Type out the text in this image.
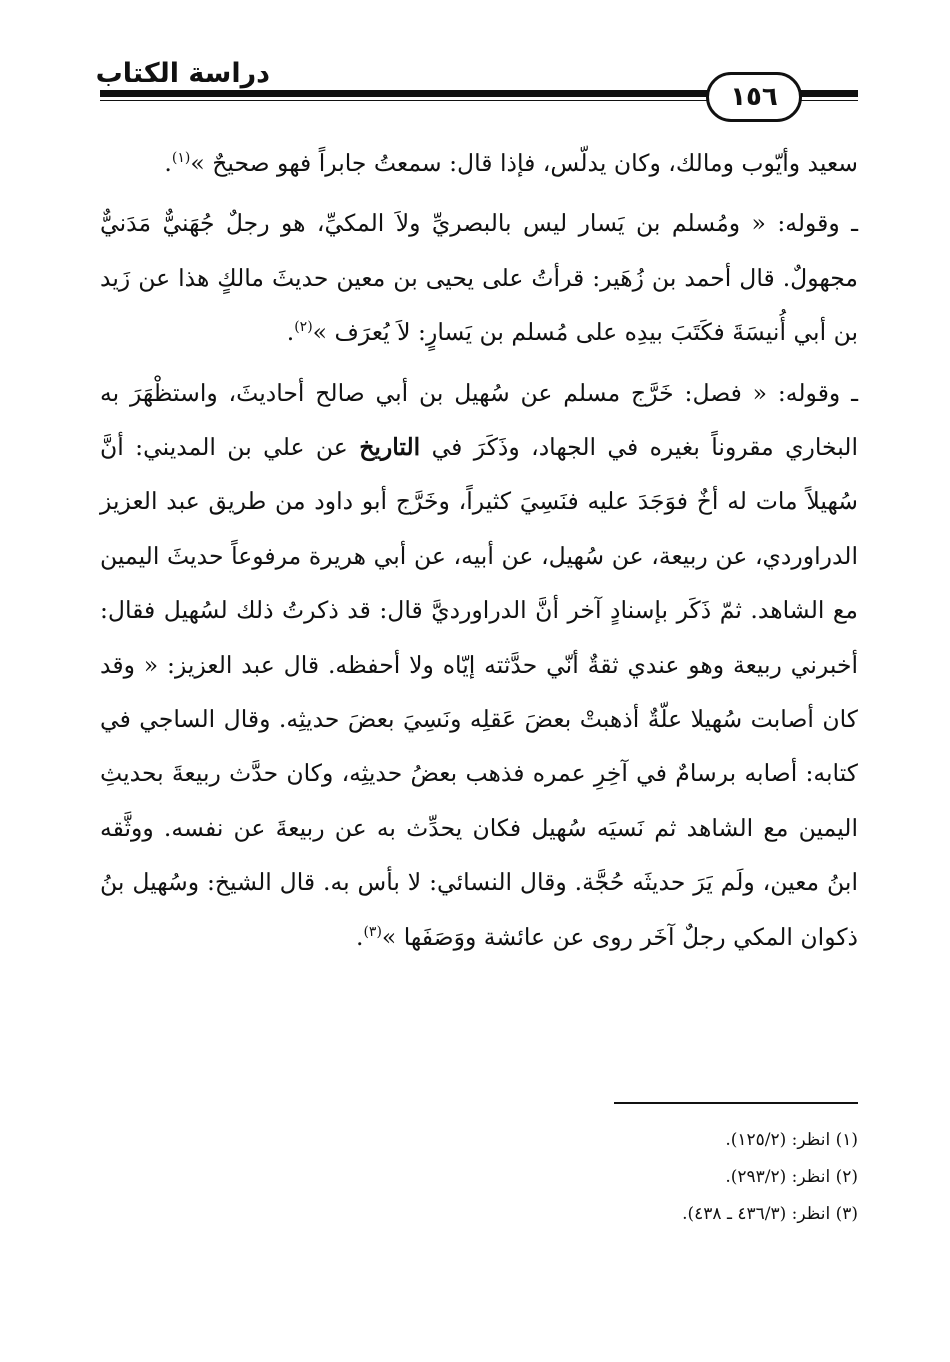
دراسة الكتاب
١٥٦

سعيد وأيّوب ومالك، وكان يدلّس، فإذا قال: سمعتُ جابراً فهو صحيحٌ »$^{(١)}$.

ـ وقوله: « ومُسلم بن يَسار ليس بالبصريِّ ولاَ المكيِّ، هو رجلٌ جُهَنيٌّ مَدَنيٌّ مجهولٌ. قال أحمد بن زُهَير: قرأتُ على يحيى بن معين حديثَ مالكٍ هذا عن زَيد بن أبي أُنيسَةَ فكَتَبَ بيدِه على مُسلم بن يَسارٍ: لاَ يُعرَف »$^{(٢)}$.

ـ وقوله: « فصل: خَرَّج مسلم عن سُهيل بن أبي صالح أحاديثَ، واستظْهَرَ به البخاري مقروناً بغيره في الجهاد، وذَكَرَ في التاريخ عن علي بن المديني: أنَّ سُهيلاً مات له أخٌ فوَجَدَ عليه فنَسِيَ كثيراً، وخَرَّج أبو داود من طريق عبد العزيز الدراوردي، عن ربيعة، عن سُهيل، عن أبيه، عن أبي هريرة مرفوعاً حديثَ اليمين مع الشاهد. ثمّ ذَكَر بإسنادٍ آخر أنَّ الدراورديَّ قال: قد ذكرتُ ذلك لسُهيل فقال: أخبرني ربيعة وهو عندي ثقةٌ أنّي حدَّثته إيّاه ولا أحفظه. قال عبد العزيز: « وقد كان أصابت سُهيلا علّةٌ أذهبتْ بعضَ عَقلِه ونَسِيَ بعضَ حديثِه. وقال الساجي في كتابه: أصابه برسامٌ في آخِرِ عمره فذهب بعضُ حديثِه، وكان حدَّث ربيعةَ بحديثِ اليمين مع الشاهد ثم نَسيَه سُهيل فكان يحدِّث به عن ربيعةَ عن نفسه. ووثَّقه ابنُ معين، ولَم يَرَ حديثَه حُجَّة. وقال النسائي: لا بأس به. قال الشيخ: وسُهيل بنُ ذكوان المكي رجلٌ آخَر روى عن عائشة ووَصَفَها »$^{(٣)}$.

(١) انظر: (١٢٥/٢).
(٢) انظر: (٢٩٣/٢).
(٣) انظر: (٤٣٦/٣ ـ ٤٣٨).
